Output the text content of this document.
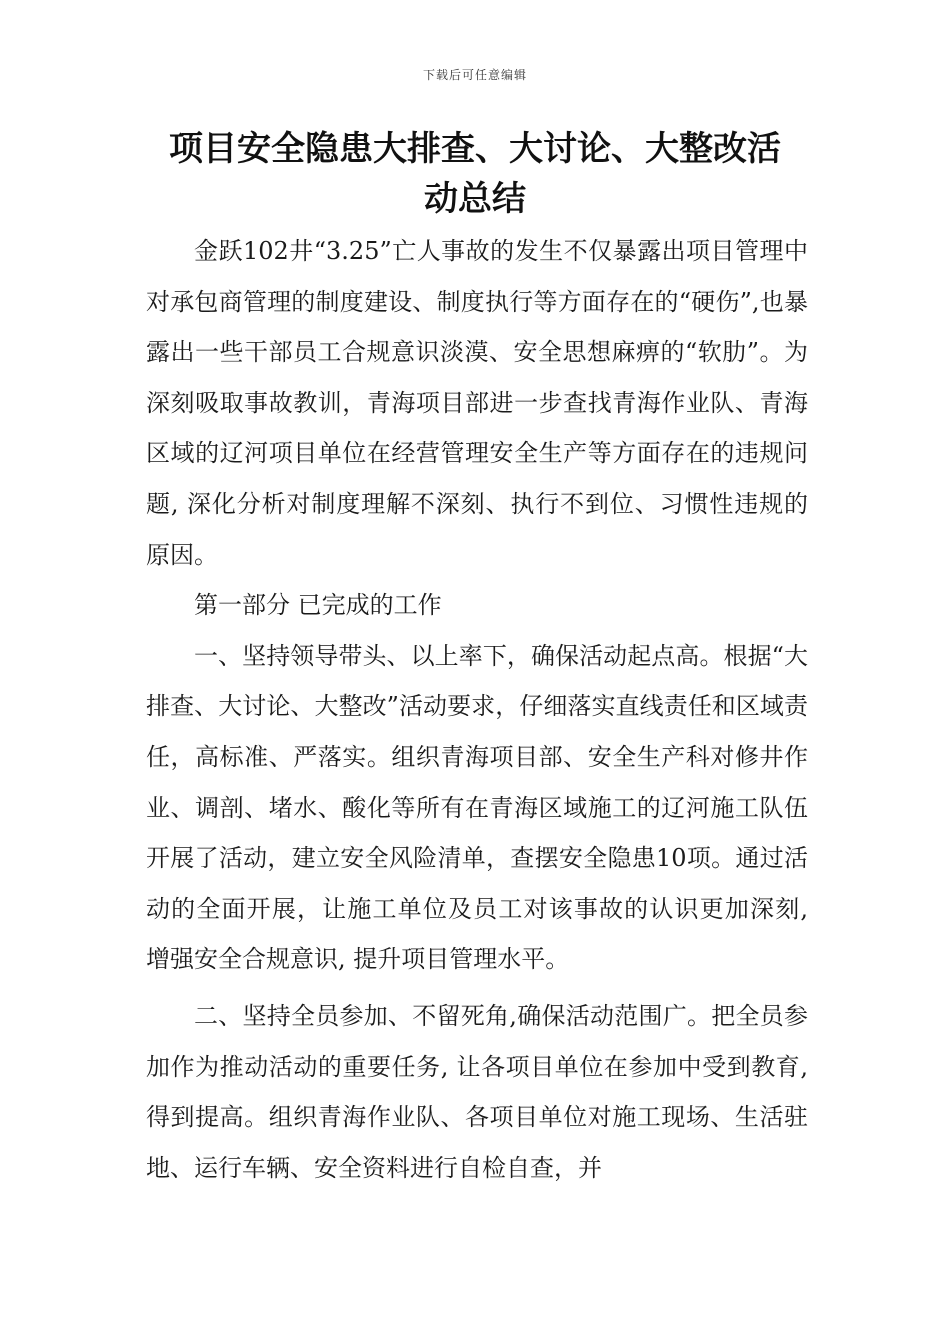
下载后可任意编辑
项目安全隐患大排查、大讨论、大整改活
动总结

金跃102井“3.25”亡人事故的发生不仅暴露出项目管理中对承包商管理的制度建设、制度执行等方面存在的“硬伤”,也暴露出一些干部员工合规意识淡漠、安全思想麻痹的“软肋”。为深刻吸取事故教训，青海项目部进一步查找青海作业队、青海区域的辽河项目单位在经营管理安全生产等方面存在的违规问题, 深化分析对制度理解不深刻、执行不到位、习惯性违规的原因。

第一部分 已完成的工作

一、坚持领导带头、以上率下，确保活动起点高。根据“大排查、大讨论、大整改”活动要求，仔细落实直线责任和区域责任，高标准、严落实。组织青海项目部、安全生产科对修井作业、调剖、堵水、酸化等所有在青海区域施工的辽河施工队伍开展了活动，建立安全风险清单，查摆安全隐患10项。通过活动的全面开展，让施工单位及员工对该事故的认识更加深刻, 增强安全合规意识, 提升项目管理水平。

二、坚持全员参加、不留死角,确保活动范围广。把全员参加作为推动活动的重要任务, 让各项目单位在参加中受到教育,得到提高。组织青海作业队、各项目单位对施工现场、生活驻地、运行车辆、安全资料进行自检自查，并
